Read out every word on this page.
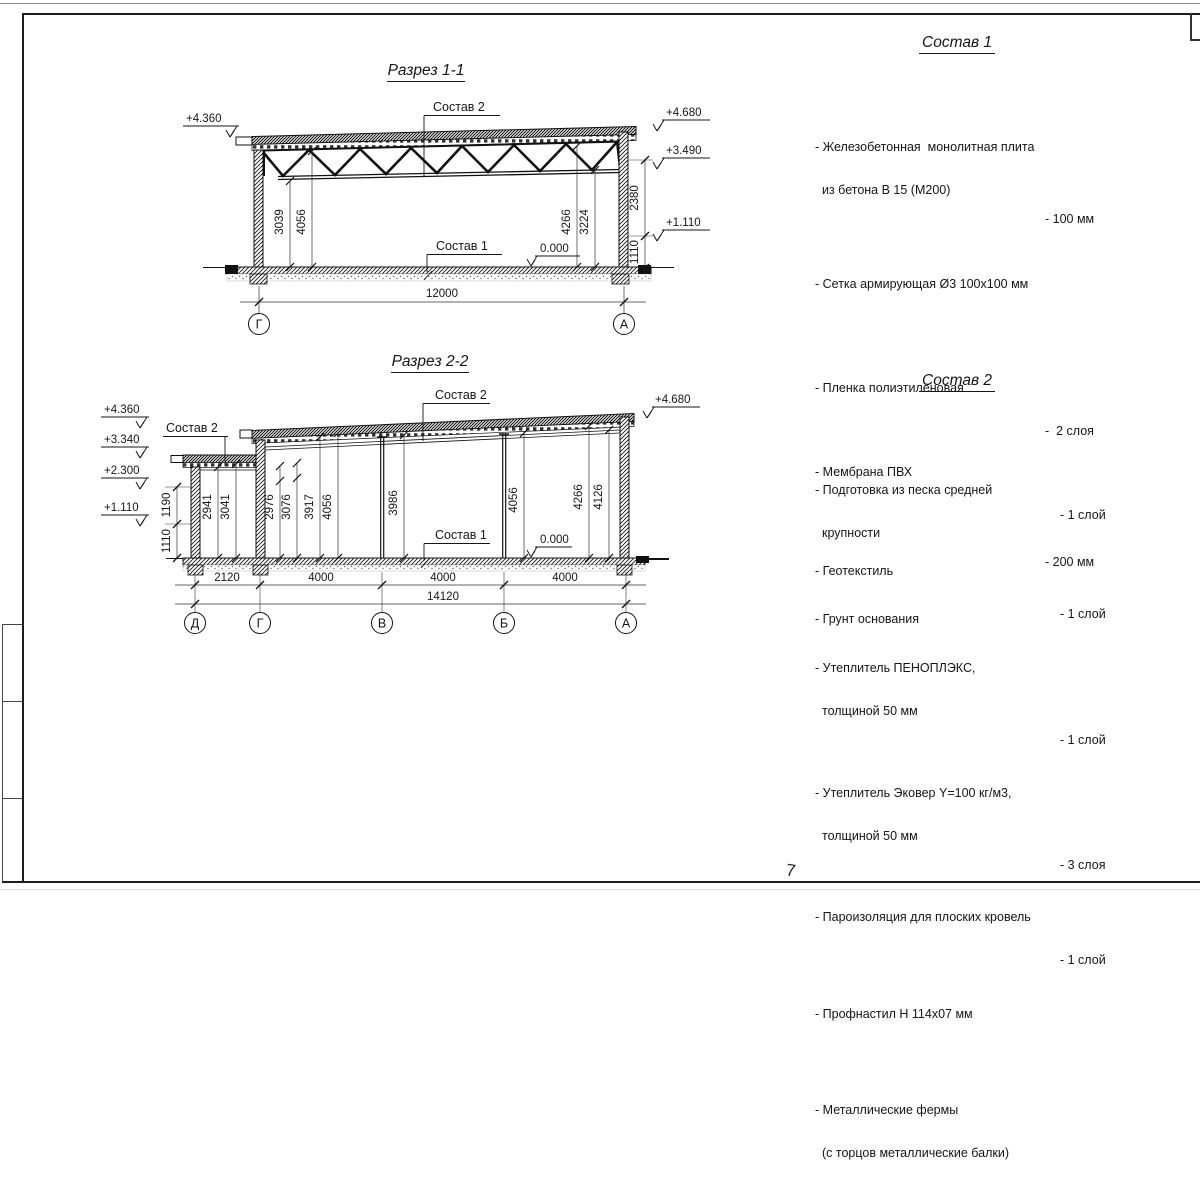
7
Разрез 1-1
+4.360	+4.680
+3.490
+1.110
2380
1110
3039 4056	4266 3224
Состав 2
Состав 1	0.000
12000
Г	А
Разрез 2-2
+4.360
+3.340
+2.300
+1.110 1190
1110
2941 3041	2976 3076 3917 4056	3986	4056	4266 4126
Состав 2
Состав 2
Состав 1	0.000
+4.680
2120	4000	4000	4000
14120
Д	Г	В	Б	А
Состав 1

- Железобетонная  монолитная плита

из бетона В 15 (М200)

- 100 мм

- Сетка армирующая Ø3 100x100 мм

- Пленка полиэтиленовая

-  2 слоя

- Подготовка из песка средней

крупности

- 200 мм

- Грунт основания

Состав 2

- Мембрана ПВХ

- 1 слой

- Геотекстиль

- 1 слой

- Утеплитель ПЕНОПЛЭКС,

толщиной 50 мм

- 1 слой

- Утеплитель Эковер Y=100 кг/м3,

толщиной 50 мм

- 3 слоя

- Пароизоляция для плоских кровель

- 1 слой

- Профнастил Н 114х07 мм

- Металлические фермы

(с торцов металлические балки)
